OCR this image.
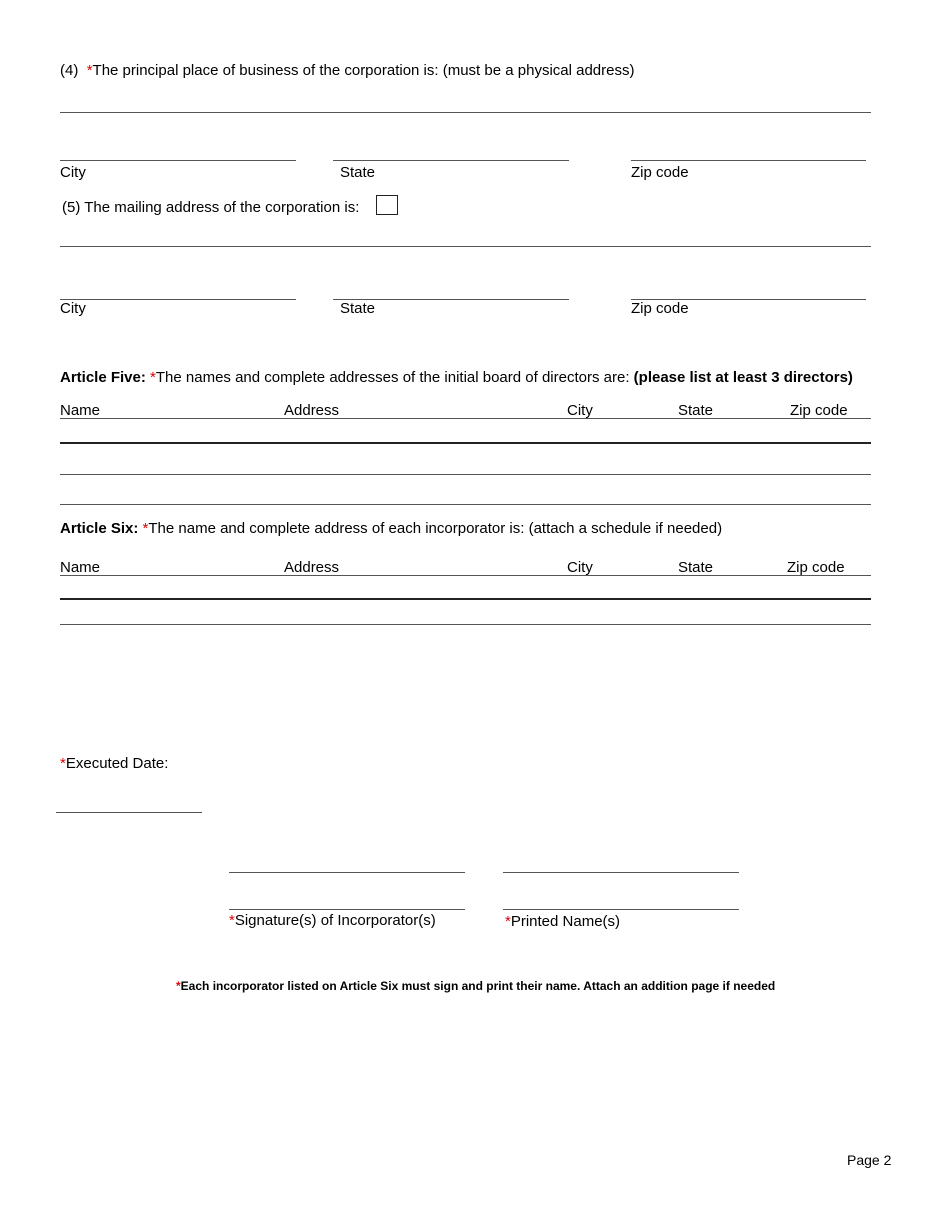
(4) *The principal place of business of the corporation is: (must be a physical address)
City	State	Zip code
(5) The mailing address of the corporation is:
City	State	Zip code
Article Five: *The names and complete addresses of the initial board of directors are: (please list at least 3 directors)
Name	Address	City	State	Zip code
Article Six: *The name and complete address of each incorporator is: (attach a schedule if needed)
Name	Address	City	State	Zip code
*Executed Date:
*Signature(s) of Incorporator(s)	*Printed Name(s)
*Each incorporator listed on Article Six must sign and print their name. Attach an addition page if needed
Page 2
